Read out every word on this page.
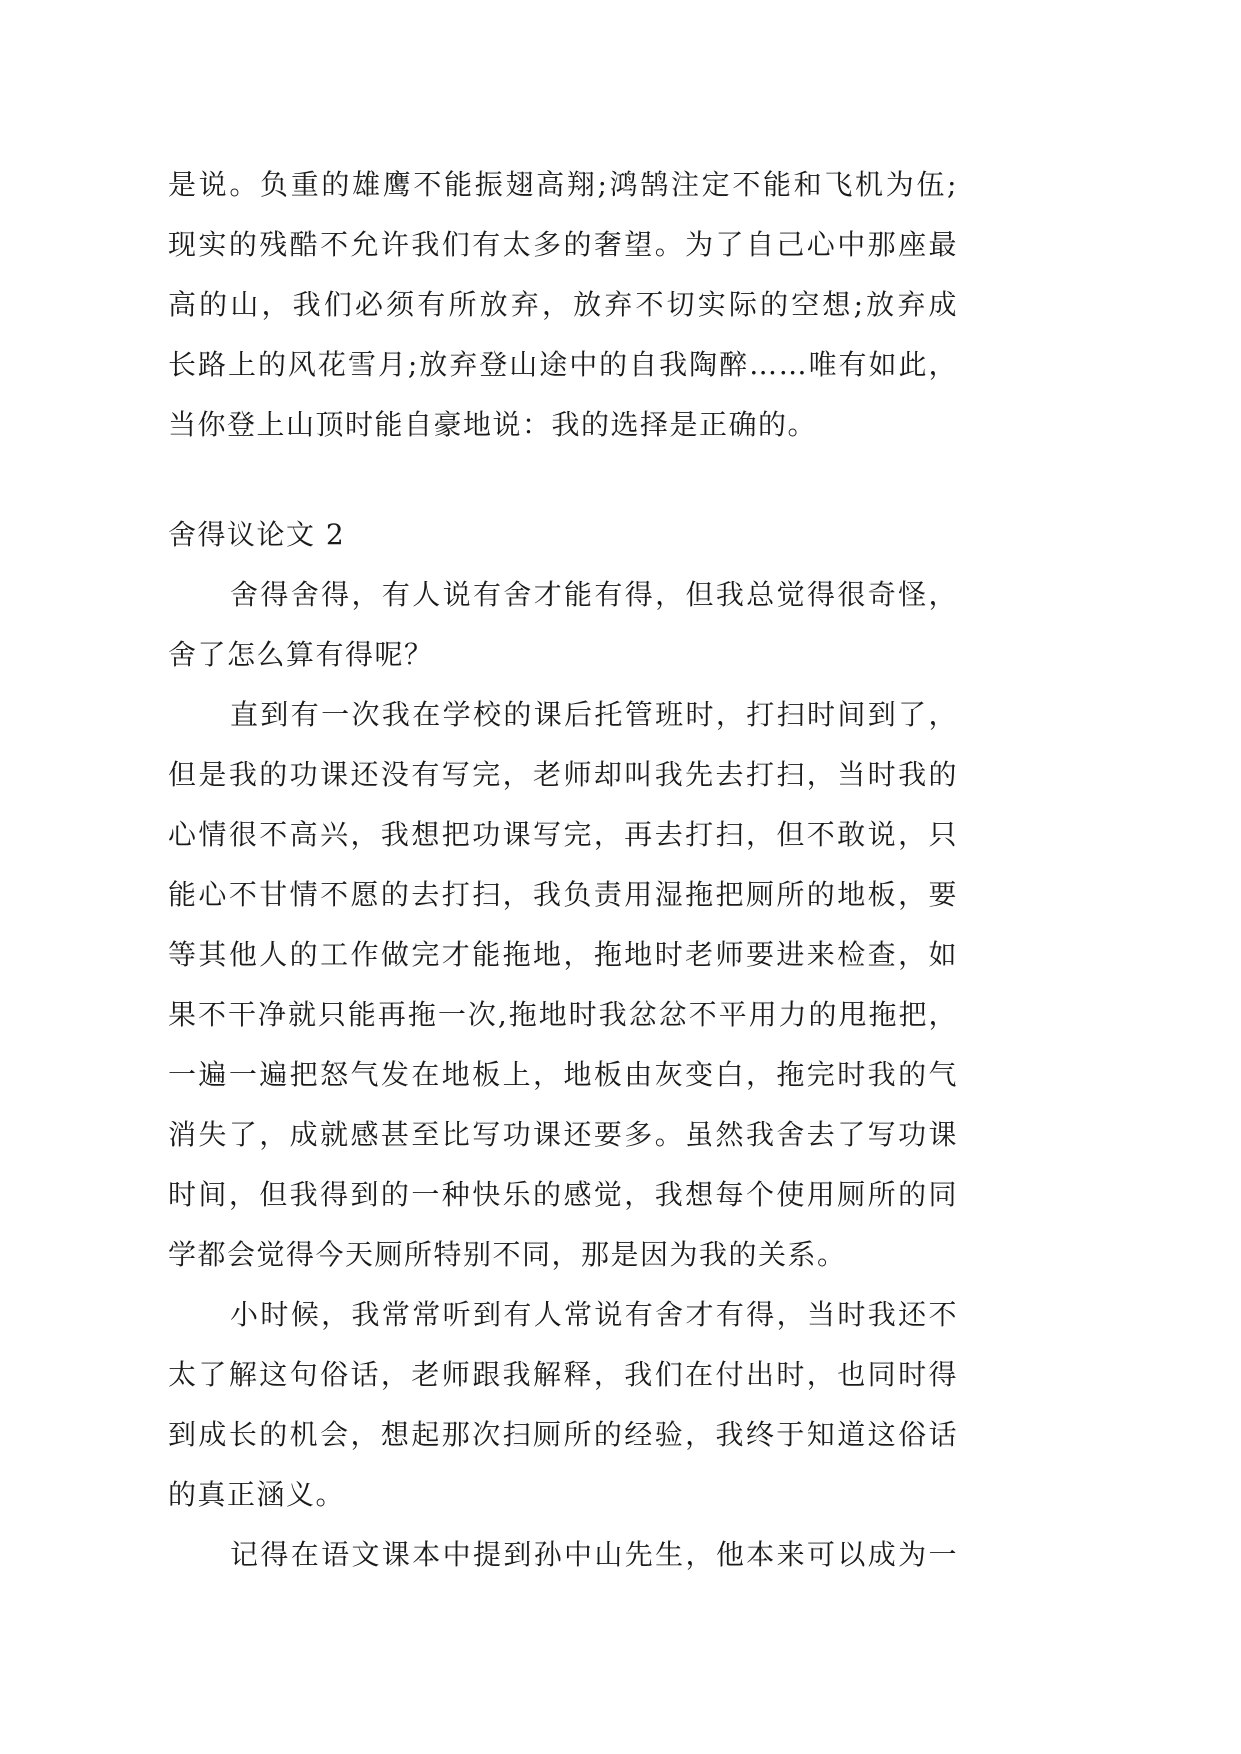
是说。负重的雄鹰不能振翅高翔;鸿鹄注定不能和飞机为伍;
现实的残酷不允许我们有太多的奢望。为了自己心中那座最
高的山，我们必须有所放弃，放弃不切实际的空想;放弃成
长路上的风花雪月;放弃登山途中的自我陶醉……唯有如此，
当你登上山顶时能自豪地说：我的选择是正确的。
舍得议论文 2
舍得舍得，有人说有舍才能有得，但我总觉得很奇怪，
舍了怎么算有得呢？
直到有一次我在学校的课后托管班时，打扫时间到了，
但是我的功课还没有写完，老师却叫我先去打扫，当时我的
心情很不高兴，我想把功课写完，再去打扫，但不敢说，只
能心不甘情不愿的去打扫，我负责用湿拖把厕所的地板，要
等其他人的工作做完才能拖地，拖地时老师要进来检查，如
果不干净就只能再拖一次,拖地时我忿忿不平用力的甩拖把，
一遍一遍把怒气发在地板上，地板由灰变白，拖完时我的气
消失了，成就感甚至比写功课还要多。虽然我舍去了写功课
时间，但我得到的一种快乐的感觉，我想每个使用厕所的同
学都会觉得今天厕所特别不同，那是因为我的关系。
小时候，我常常听到有人常说有舍才有得，当时我还不
太了解这句俗话，老师跟我解释，我们在付出时，也同时得
到成长的机会，想起那次扫厕所的经验，我终于知道这俗话
的真正涵义。
记得在语文课本中提到孙中山先生，他本来可以成为一
